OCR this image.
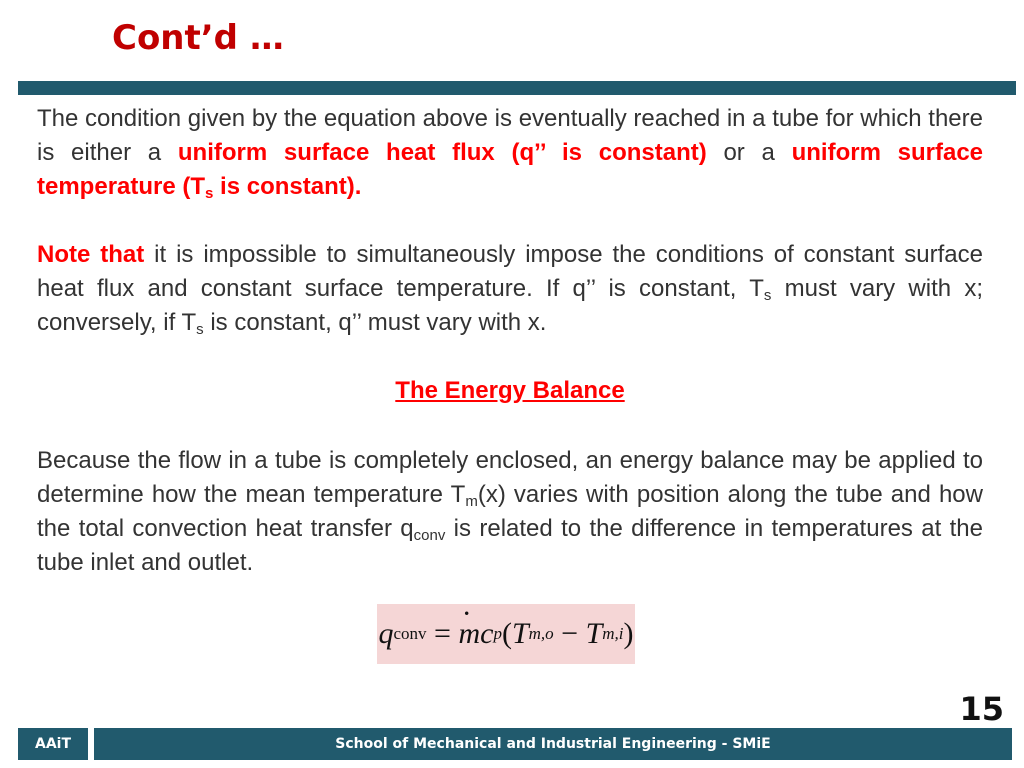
Cont’d …
The condition given by the equation above is eventually reached in a tube for which there is either a uniform surface heat flux (q’’ is constant) or a uniform surface temperature ($T_s$ is constant).
Note that it is impossible to simultaneously impose the conditions of constant surface heat flux and constant surface temperature. If q’’ is constant, $T_s$ must vary with x; conversely, if $T_s$ is constant, q’’ must vary with x.
The Energy Balance
Because the flow in a tube is completely enclosed, an energy balance may be applied to determine how the mean temperature $T_m(x)$ varies with position along the tube and how the total convection heat transfer $q_{conv}$ is related to the difference in temperatures at the tube inlet and outlet.
q conv =
· m c p ( T m,o − T m,i )
15
AAiT	School of Mechanical and Industrial Engineering - SMiE
